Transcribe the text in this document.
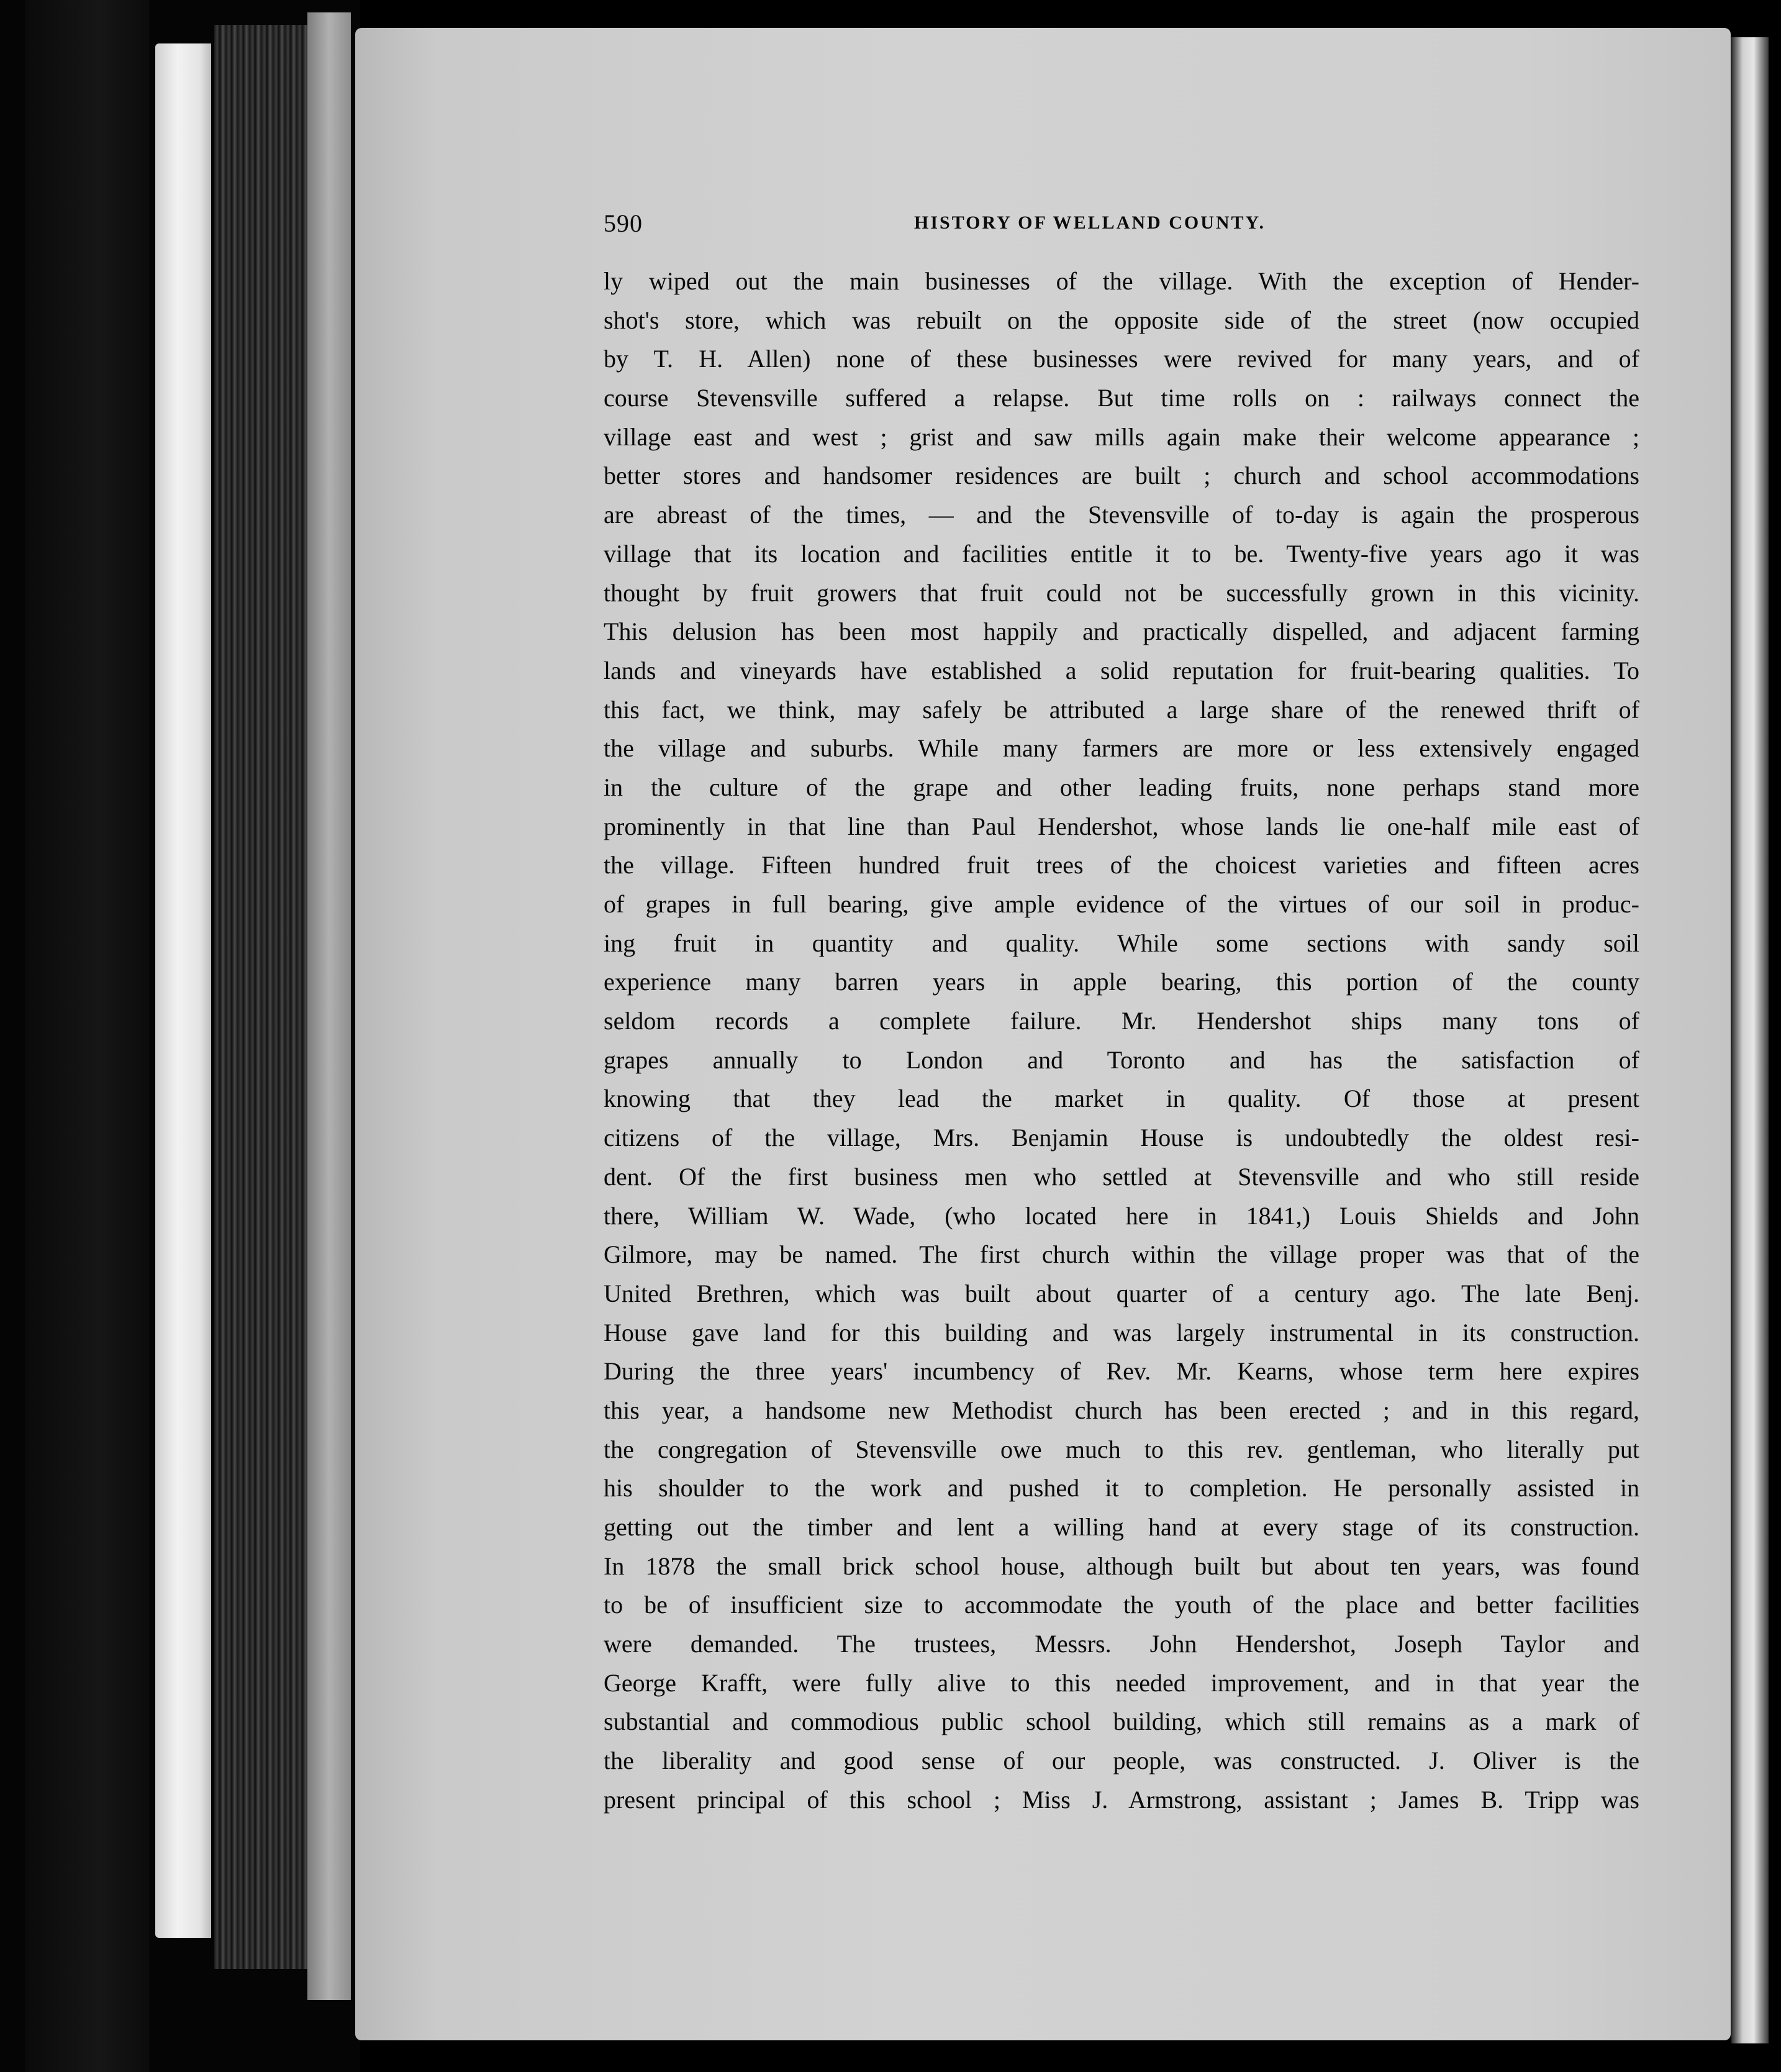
590	HISTORY OF WELLAND COUNTY.
ly wiped out the main businesses of the village. With the exception of Hender-
shot's store, which was rebuilt on the opposite side of the street (now occupied
by T. H. Allen) none of these businesses were revived for many years, and of
course Stevensville suffered a relapse. But time rolls on : railways connect the
village east and west ; grist and saw mills again make their welcome appearance ;
better stores and handsomer residences are built ; church and school accommodations
are abreast of the times, — and the Stevensville of to-day is again the prosperous
village that its location and facilities entitle it to be. Twenty-five years ago it was
thought by fruit growers that fruit could not be successfully grown in this vicinity.
This delusion has been most happily and practically dispelled, and adjacent farming
lands and vineyards have established a solid reputation for fruit-bearing qualities. To
this fact, we think, may safely be attributed a large share of the renewed thrift of
the village and suburbs. While many farmers are more or less extensively engaged
in the culture of the grape and other leading fruits, none perhaps stand more
prominently in that line than Paul Hendershot, whose lands lie one-half mile east of
the village. Fifteen hundred fruit trees of the choicest varieties and fifteen acres
of grapes in full bearing, give ample evidence of the virtues of our soil in produc-
ing fruit in quantity and quality. While some sections with sandy soil
experience many barren years in apple bearing, this portion of the county
seldom records a complete failure. Mr. Hendershot ships many tons of
grapes annually to London and Toronto and has the satisfaction of
knowing that they lead the market in quality. Of those at present
citizens of the village, Mrs. Benjamin House is undoubtedly the oldest resi-
dent. Of the first business men who settled at Stevensville and who still reside
there, William W. Wade, (who located here in 1841,) Louis Shields and John
Gilmore, may be named. The first church within the village proper was that of the
United Brethren, which was built about quarter of a century ago. The late Benj.
House gave land for this building and was largely instrumental in its construction.
During the three years' incumbency of Rev. Mr. Kearns, whose term here expires
this year, a handsome new Methodist church has been erected ; and in this regard,
the congregation of Stevensville owe much to this rev. gentleman, who literally put
his shoulder to the work and pushed it to completion. He personally assisted in
getting out the timber and lent a willing hand at every stage of its construction.
In 1878 the small brick school house, although built but about ten years, was found
to be of insufficient size to accommodate the youth of the place and better facilities
were demanded. The trustees, Messrs. John Hendershot, Joseph Taylor and
George Krafft, were fully alive to this needed improvement, and in that year the
substantial and commodious public school building, which still remains as a mark of
the liberality and good sense of our people, was constructed. J. Oliver is the
present principal of this school ; Miss J. Armstrong, assistant ; James B. Tripp was
